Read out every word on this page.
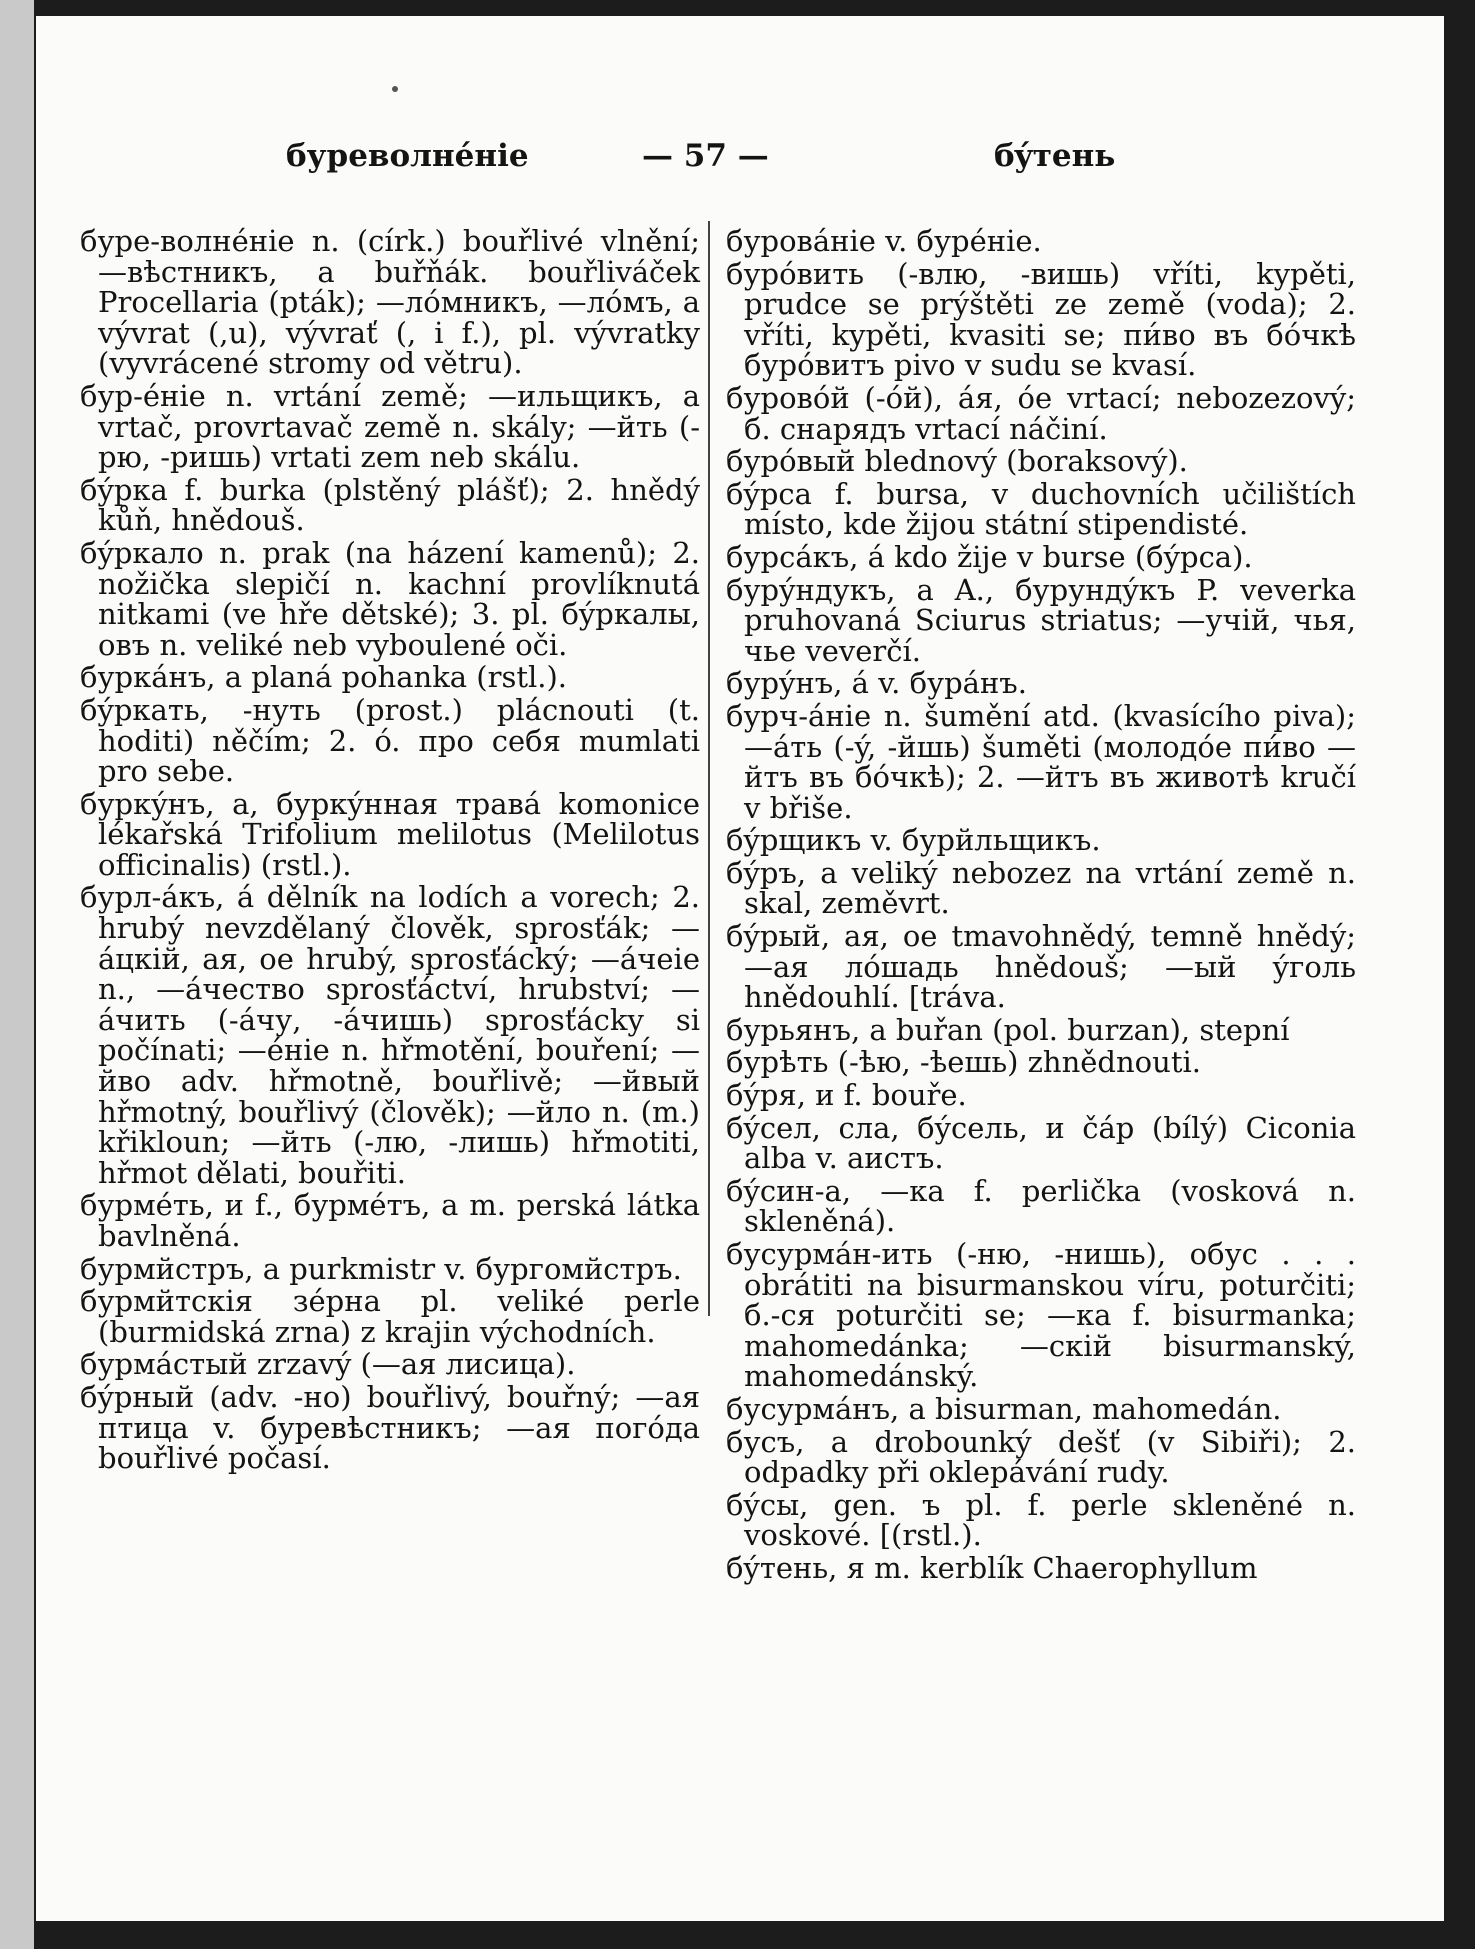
буреволнéніе	— 57 —	бýтень

буре-волнéніе n. (círk.) bouřlivé vlnění; —вѣстникъ, a buřňák. bouřliváček Procellaria (pták); —лóмникъ, —лóмъ, a vývrat (,u), vývrať (, i f.), pl. vývratky (vyvrácené stromy od větru).

бур-éніе n. vrtání země; —ильщикъ, a vrtač, provrtavač země n. skály; —йть (-рю, -ришь) vrtati zem neb skálu.

бýрка f. burka (plstěný plášť); 2. hnědý kůň, hnědouš.

бýркало n. prak (na házení kamenů); 2. nožička slepičí n. kachní provlíknutá nitkami (ve hře dětské); 3. pl. бýркалы, овъ n. veliké neb vyboulené oči.

буркáнъ, a planá pohanka (rstl.).

бýркать, -нуть (prost.) plácnouti (t. hoditi) něčím; 2. ó. про себя mumlati pro sebe.

буркýнъ, a, буркýнная трава́ komonice lékařská Trifolium melilotus (Melilotus officinalis) (rstl.).

бурл-áкъ, á dělník na lodích a vorech; 2. hrubý nevzdělaný člověk, sprosťák; —áцкій, ая, ое hrubý, sprosťácký; —áчеіе n., —áчество sprosťáctví, hrubství; —áчить (-áчу, -áчишь) sprosťácky si počínati; —éніе n. hřmotění, bouření; —йво adv. hřmotně, bouřlivě; —йвый hřmotný, bouřlivý (člověk); —йло n. (m.) křikloun; —йть (-лю, -лишь) hřmotiti, hřmot dělati, bouřiti.

бурмéть, и f., бурмéтъ, а m. perská látka bavlněná.

бурмйстръ, a purkmistr v. бургомйстръ.

бурмйтскія зéрна pl. veliké perle (burmidská zrna) z krajin východních.

бурмáстый zrzavý (—ая лисица).

бýрный (adv. -но) bouřlivý, bouřný; —ая птица v. буревѣстникъ; —ая погóда bouřlivé počasí.

бурова́ніе v. бурéніе.

бурóвить (-влю, -вишь) vříti, kypěti, prudce se prýštěti ze země (voda); 2. vříti, kypěti, kvasiti se; пи́во въ бóчкѣ бурóвитъ pivo v sudu se kvasí.

буровóй (-óй), áя, óе vrtací; nebozezový; б. снарядъ vrtací náčiní.

бурóвый blednový (boraksový).

бýрса f. bursa, v duchovních učilištích místo, kde žijou státní stipendisté.

бурсáкъ, á kdo žije v burse (бýрса).

бурýндукъ, а A., бурундýкъ P. veverka pruhovaná Sciurus striatus; —учій, чья, чье veverčí.

бурýнъ, á v. бурáнъ.

бурч-áніе n. šumění atd. (kvasícího piva); —áть (-ý, -йшь) šuměti (молодóе пи́во —йтъ въ бóчкѣ); 2. —йтъ въ животѣ kručí v břiše.

бýрщикъ v. бурйльщикъ.

бýръ, a veliký nebozez na vrtání země n. skal, zeměvrt.

бýрый, ая, ое tmavohnědý, temně hnědý; —ая лóшадь hnědouš; —ый ýголь hnědouhlí. [tráva.

бурьянъ, a buřan (pol. burzan), stepní

бурѣть (-ѣю, -ѣешь) zhnědnouti.

бýря, и f. bouře.

бýсел, сла, бýсель, и čáp (bílý) Ciconia alba v. аистъ.

бýсин-а, —ка f. perlička (vosková n. skleněná).

бусурмáн-ить (-ню, -нишь), обус . . . obrátiti na bisurmanskou víru, poturčiti; б.-ся poturčiti se; —ка f. bisurmanka; mahomedánka; —скій bisurmanský, mahomedánský.

бусурмáнъ, a bisurman, mahomedán.

бусъ, a drobounký dešť (v Sibiři); 2. odpadky při oklepávání rudy.

бýсы, gen. ъ pl. f. perle skleněné n. voskové. [(rstl.).

бýтень, я m. kerblík Chaerophyllum
